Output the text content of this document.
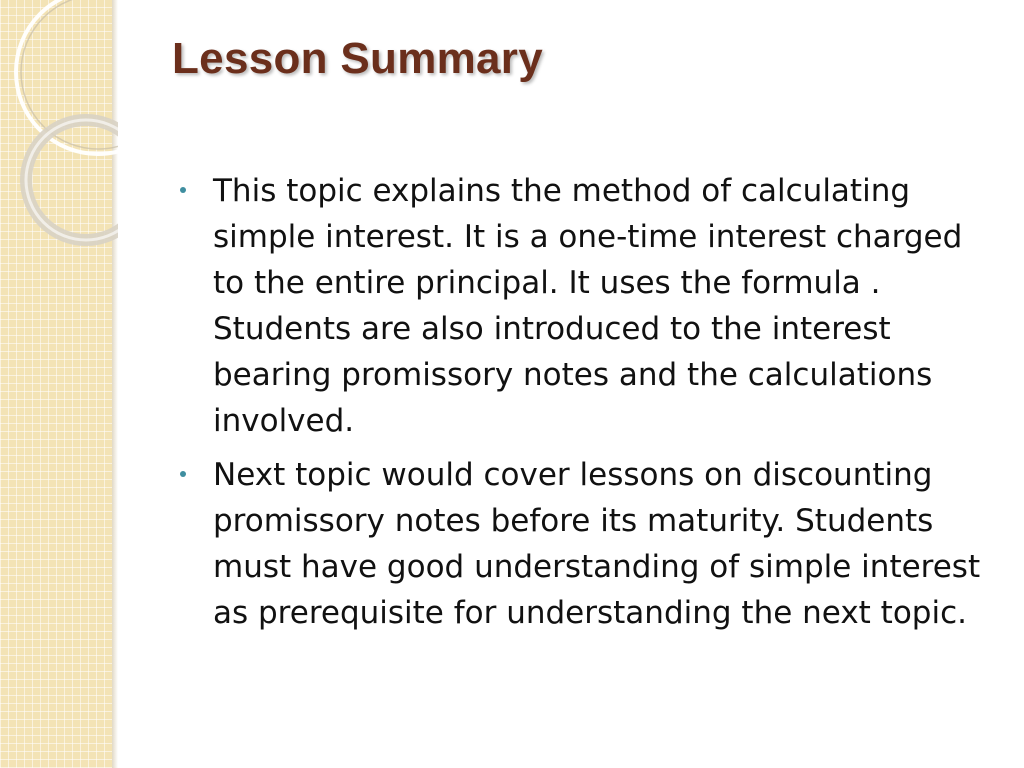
Lesson Summary
This topic explains the method of calculating simple interest. It is a one-time interest charged to the entire principal. It uses the formula . Students are also introduced to the interest bearing promissory notes and the calculations involved.
Next topic would cover lessons on discounting promissory notes before its maturity. Students must have good understanding of simple interest as prerequisite for understanding the next topic.
